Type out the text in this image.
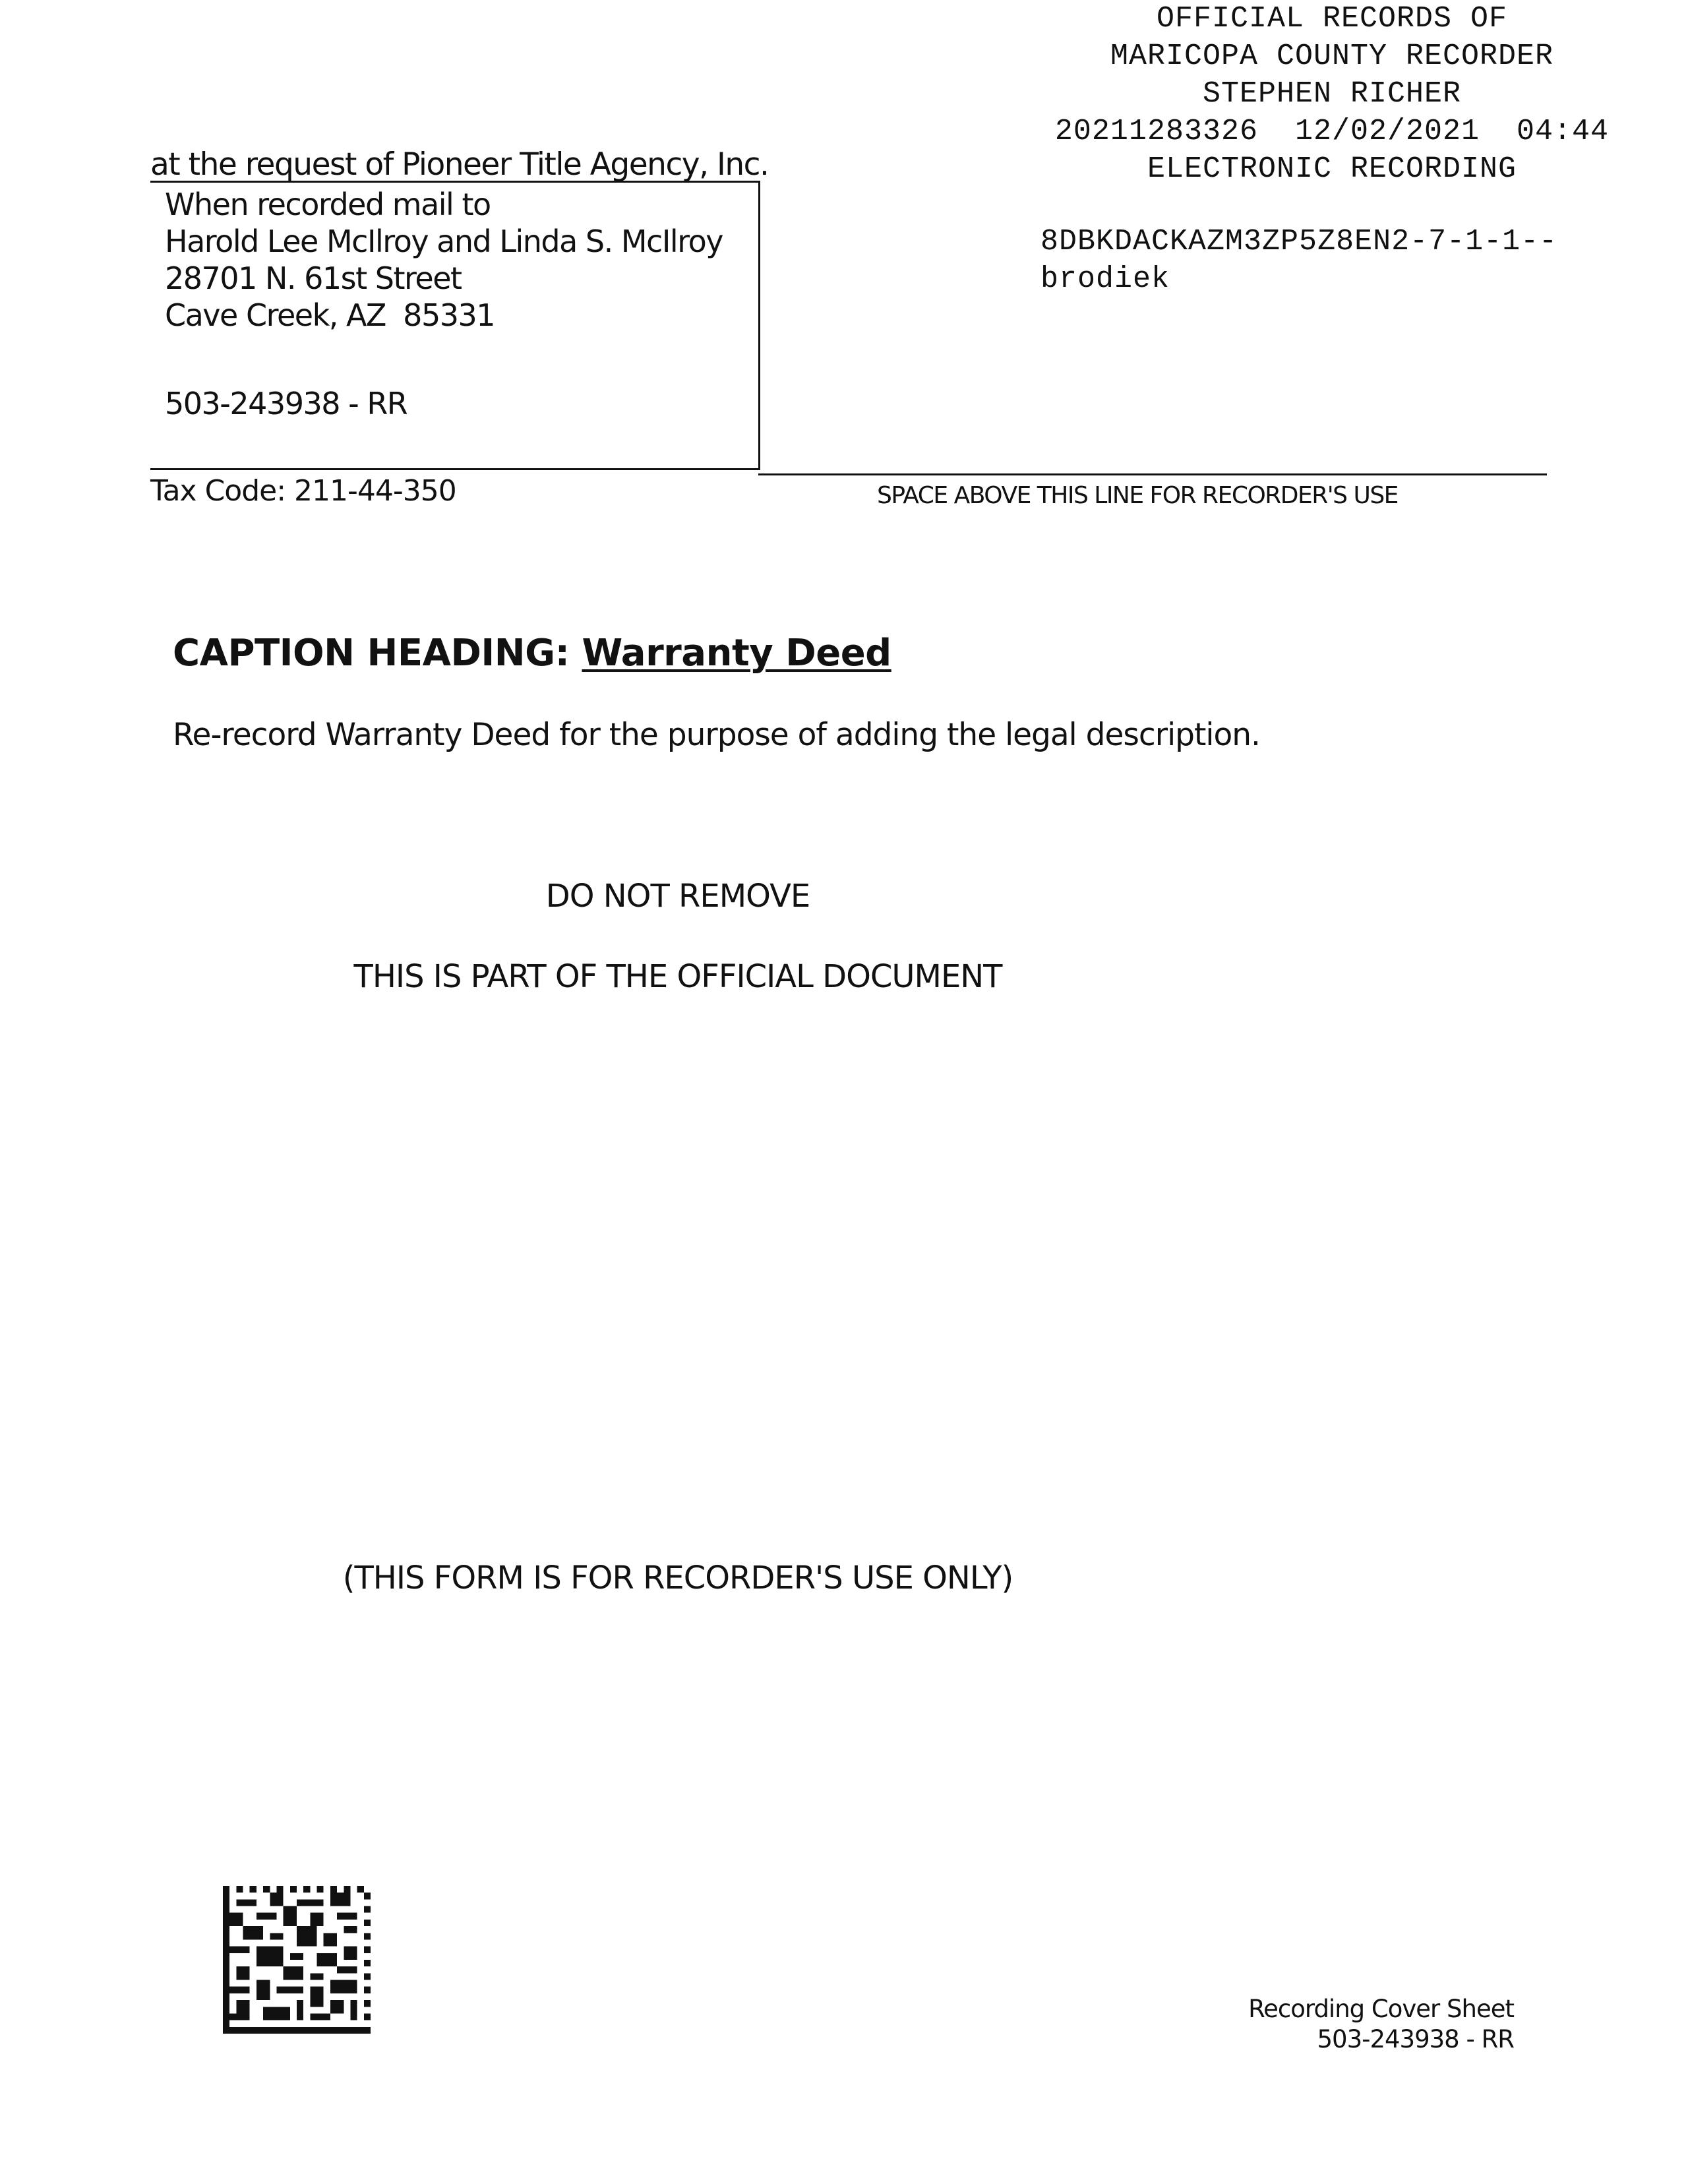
OFFICIAL RECORDS OF
MARICOPA COUNTY RECORDER
STEPHEN RICHER
20211283326  12/02/2021  04:44
ELECTRONIC RECORDING
8DBKDACKAZM3ZP5Z8EN2-7-1-1--
brodiek
at the request of Pioneer Title Agency, Inc.
When recorded mail to
Harold Lee McIlroy and Linda S. McIlroy
28701 N. 61st Street
Cave Creek, AZ  85331
503-243938 - RR
Tax Code: 211-44-350	SPACE ABOVE THIS LINE FOR RECORDER'S USE
CAPTION HEADING: Warranty Deed
Re-record Warranty Deed for the purpose of adding the legal description.
DO NOT REMOVE
THIS IS PART OF THE OFFICIAL DOCUMENT
(THIS FORM IS FOR RECORDER'S USE ONLY)
Recording Cover Sheet
503-243938 - RR
